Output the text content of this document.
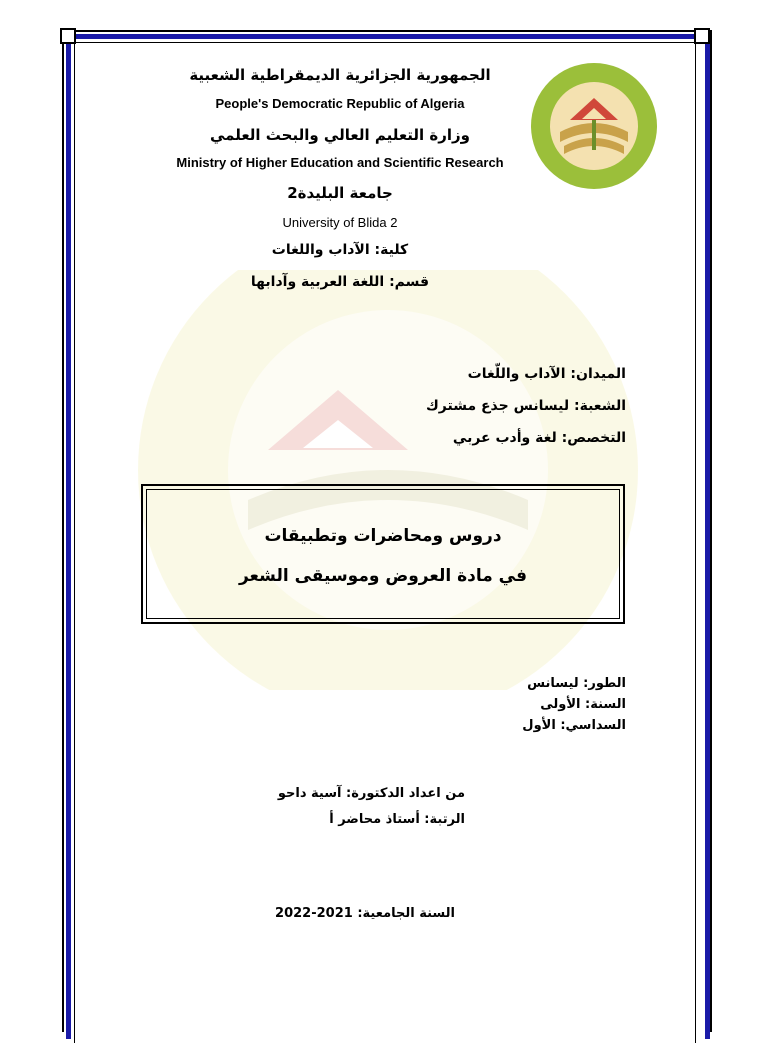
الجمهورية الجزائرية الديمقراطية الشعبية
People's Democratic Republic of Algeria
وزارة التعليم العالي والبحث العلمي
Ministry of Higher Education and Scientific Research
جامعة البليدة2
University of Blida 2
كلية: الآداب واللغات
قسم: اللغة العربية وآدابها
الميدان: الآداب واللّغات
الشعبة: ليسانس جذع مشترك
التخصص: لغة وأدب عربي
دروس ومحاضرات وتطبيقات
في مادة العروض وموسيقى الشعر
الطور: ليسانس
السنة: الأولى
السداسي: الأول
من اعداد الدكتورة: آسية داحو
الرتبة: أستاذ محاضر أ
السنة الجامعية: 2021-2022
